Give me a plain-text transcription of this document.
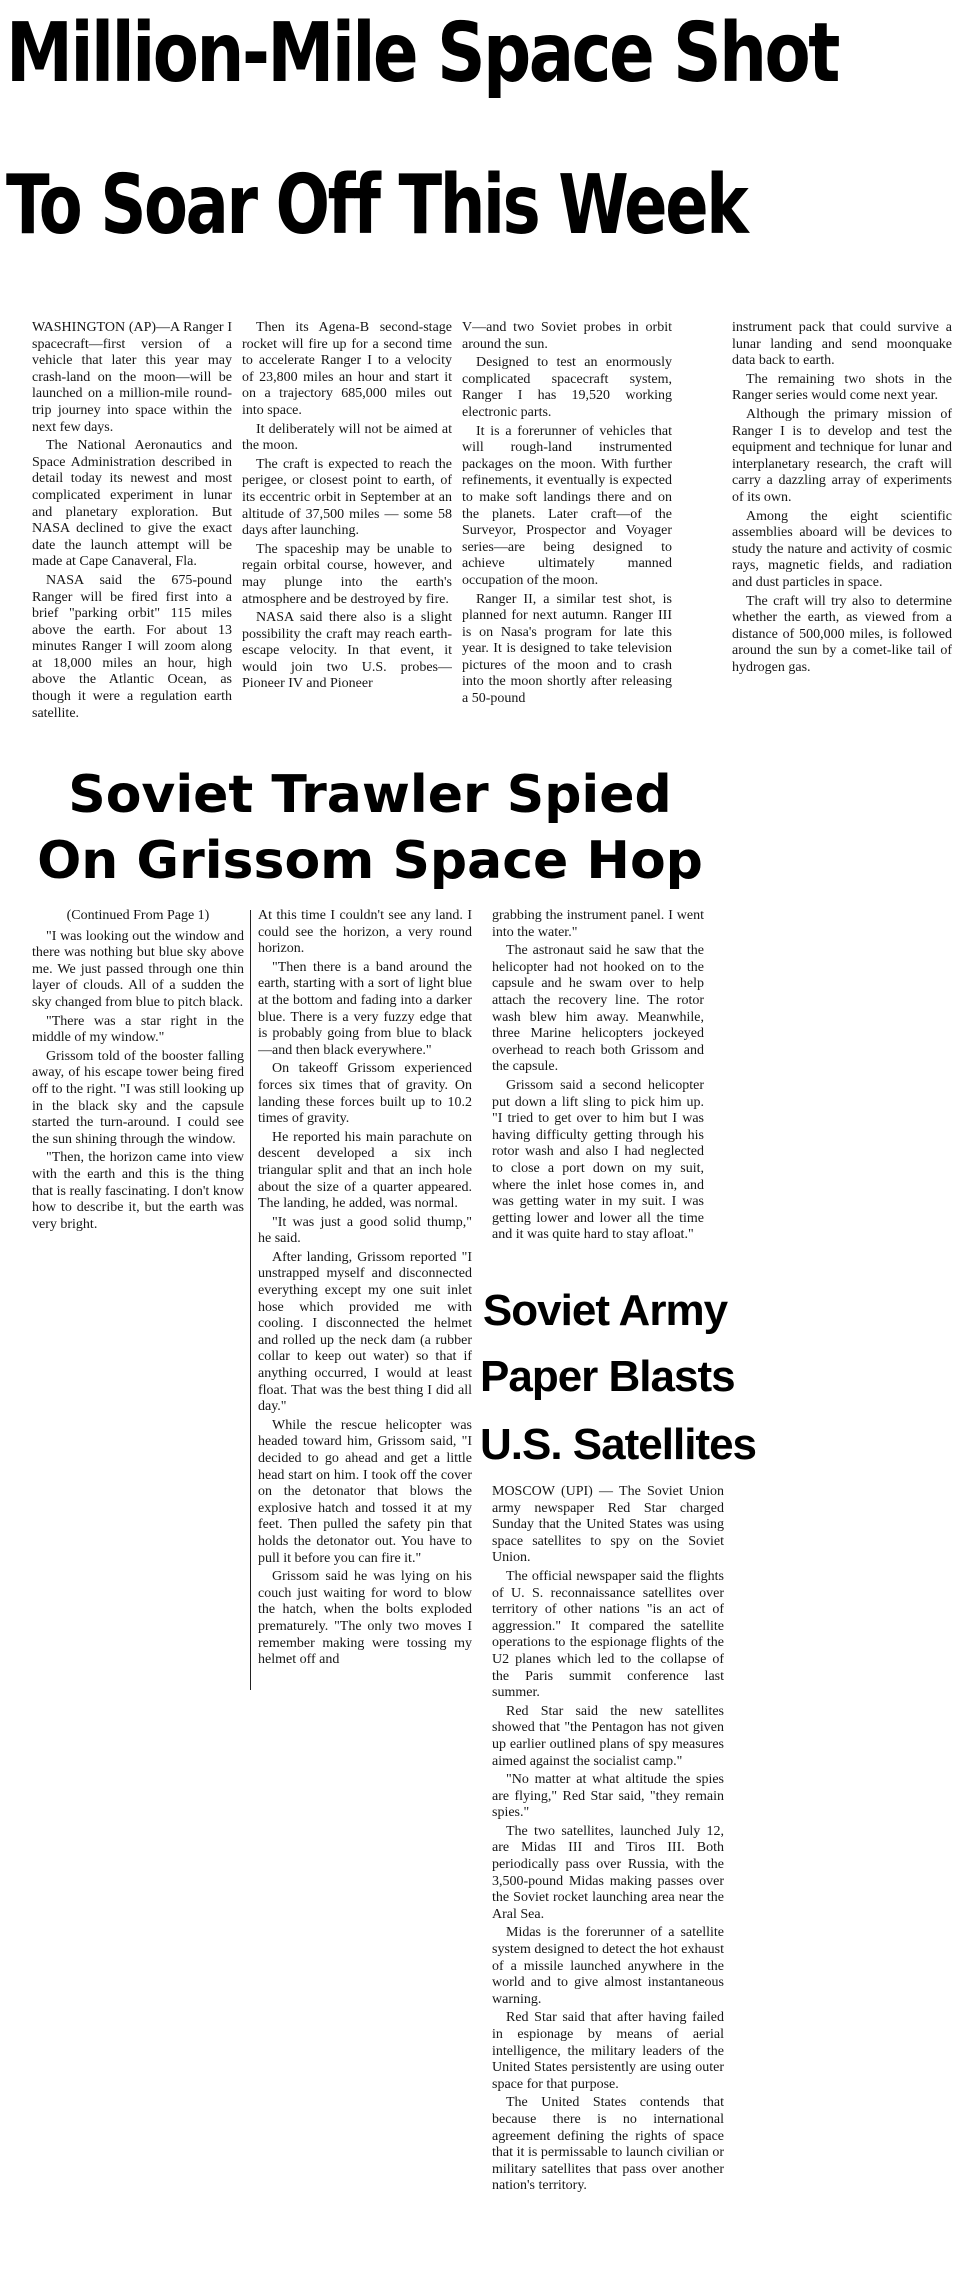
Million-Mile Space Shot
To Soar Off This Week

WASHINGTON (AP)—A Ranger I spacecraft—first version of a vehicle that later this year may crash-land on the moon—will be launched on a million-mile round-trip journey into space within the next few days.

The National Aeronautics and Space Administration described in detail today its newest and most complicated experiment in lunar and planetary exploration. But NASA declined to give the exact date the launch attempt will be made at Cape Canaveral, Fla.

NASA said the 675-pound Ranger will be fired first into a brief "parking orbit" 115 miles above the earth. For about 13 minutes Ranger I will zoom along at 18,000 miles an hour, high above the Atlantic Ocean, as though it were a regulation earth satellite.

Then its Agena-B second-stage rocket will fire up for a second time to accelerate Ranger I to a velocity of 23,800 miles an hour and start it on a trajectory 685,000 miles out into space.

It deliberately will not be aimed at the moon.

The craft is expected to reach the perigee, or closest point to earth, of its eccentric orbit in September at an altitude of 37,500 miles — some 58 days after launching.

The spaceship may be unable to regain orbital course, however, and may plunge into the earth's atmosphere and be destroyed by fire.

NASA said there also is a slight possibility the craft may reach earth-escape velocity. In that event, it would join two U.S. probes—Pioneer IV and Pioneer

V—and two Soviet probes in orbit around the sun.

Designed to test an enormously complicated spacecraft system, Ranger I has 19,520 working electronic parts.

It is a forerunner of vehicles that will rough-land instrumented packages on the moon. With further refinements, it eventually is expected to make soft landings there and on the planets. Later craft—of the Surveyor, Prospector and Voyager series—are being designed to achieve ultimately manned occupation of the moon.

Ranger II, a similar test shot, is planned for next autumn. Ranger III is on Nasa's program for late this year. It is designed to take television pictures of the moon and to crash into the moon shortly after releasing a 50-pound

instrument pack that could survive a lunar landing and send moonquake data back to earth.

The remaining two shots in the Ranger series would come next year.

Although the primary mission of Ranger I is to develop and test the equipment and technique for lunar and interplanetary research, the craft will carry a dazzling array of experiments of its own.

Among the eight scientific assemblies aboard will be devices to study the nature and activity of cosmic rays, magnetic fields, and radiation and dust particles in space.

The craft will try also to determine whether the earth, as viewed from a distance of 500,000 miles, is followed around the sun by a comet-like tail of hydrogen gas.

Soviet Trawler Spied
On Grissom Space Hop

(Continued From Page 1)

"I was looking out the window and there was nothing but blue sky above me. We just passed through one thin layer of clouds. All of a sudden the sky changed from blue to pitch black.

"There was a star right in the middle of my window."

Grissom told of the booster falling away, of his escape tower being fired off to the right. "I was still looking up in the black sky and the capsule started the turn-around. I could see the sun shining through the window.

"Then, the horizon came into view with the earth and this is the thing that is really fascinating. I don't know how to describe it, but the earth was very bright.

At this time I couldn't see any land. I could see the horizon, a very round horizon.

"Then there is a band around the earth, starting with a sort of light blue at the bottom and fading into a darker blue. There is a very fuzzy edge that is probably going from blue to black—and then black everywhere."

On takeoff Grissom experienced forces six times that of gravity. On landing these forces built up to 10.2 times of gravity.

He reported his main parachute on descent developed a six inch triangular split and that an inch hole about the size of a quarter appeared. The landing, he added, was normal.

"It was just a good solid thump," he said.

After landing, Grissom reported "I unstrapped myself and disconnected everything except my one suit inlet hose which provided me with cooling. I disconnected the helmet and rolled up the neck dam (a rubber collar to keep out water) so that if anything occurred, I would at least float. That was the best thing I did all day."

While the rescue helicopter was headed toward him, Grissom said, "I decided to go ahead and get a little head start on him. I took off the cover on the detonator that blows the explosive hatch and tossed it at my feet. Then pulled the safety pin that holds the detonator out. You have to pull it before you can fire it."

Grissom said he was lying on his couch just waiting for word to blow the hatch, when the bolts exploded prematurely. "The only two moves I remember making were tossing my helmet off and

grabbing the instrument panel. I went into the water."

The astronaut said he saw that the helicopter had not hooked on to the capsule and he swam over to help attach the recovery line. The rotor wash blew him away. Meanwhile, three Marine helicopters jockeyed overhead to reach both Grissom and the capsule.

Grissom said a second helicopter put down a lift sling to pick him up. "I tried to get over to him but I was having difficulty getting through his rotor wash and also I had neglected to close a port down on my suit, where the inlet hose comes in, and was getting water in my suit. I was getting lower and lower all the time and it was quite hard to stay afloat."

Soviet Army
Paper Blasts
U.S. Satellites

MOSCOW (UPI) — The Soviet Union army newspaper Red Star charged Sunday that the United States was using space satellites to spy on the Soviet Union.

The official newspaper said the flights of U. S. reconnaissance satellites over territory of other nations "is an act of aggression." It compared the satellite operations to the espionage flights of the U2 planes which led to the collapse of the Paris summit conference last summer.

Red Star said the new satellites showed that "the Pentagon has not given up earlier outlined plans of spy measures aimed against the socialist camp."

"No matter at what altitude the spies are flying," Red Star said, "they remain spies."

The two satellites, launched July 12, are Midas III and Tiros III. Both periodically pass over Russia, with the 3,500-pound Midas making passes over the Soviet rocket launching area near the Aral Sea.

Midas is the forerunner of a satellite system designed to detect the hot exhaust of a missile launched anywhere in the world and to give almost instantaneous warning.

Red Star said that after having failed in espionage by means of aerial intelligence, the military leaders of the United States persistently are using outer space for that purpose.

The United States contends that because there is no international agreement defining the rights of space that it is permissable to launch civilian or military satellites that pass over another nation's territory.
